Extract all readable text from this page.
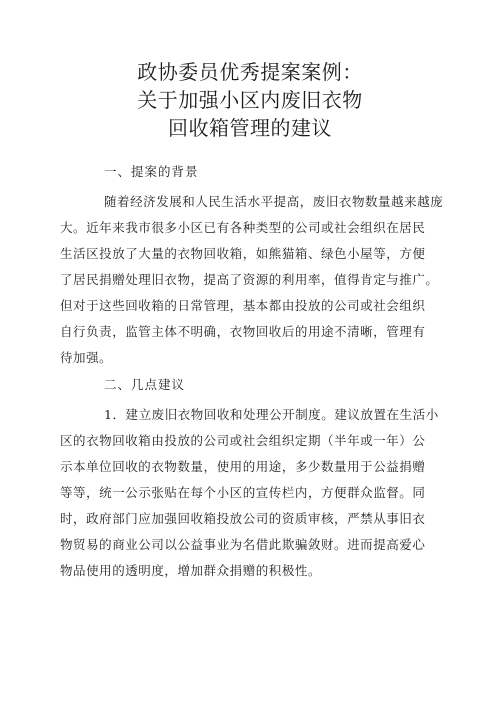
政协委员优秀提案案例：
关于加强小区内废旧衣物
回收箱管理的建议
一、提案的背景
随着经济发展和人民生活水平提高，废旧衣物数量越来越庞
大。近年来我市很多小区已有各种类型的公司或社会组织在居民
生活区投放了大量的衣物回收箱，如熊猫箱、绿色小屋等，方便
了居民捐赠处理旧衣物，提高了资源的利用率，值得肯定与推广。
但对于这些回收箱的日常管理，基本都由投放的公司或社会组织
自行负责，监管主体不明确，衣物回收后的用途不清晰，管理有
待加强。
二、几点建议
1．建立废旧衣物回收和处理公开制度。建议放置在生活小
区的衣物回收箱由投放的公司或社会组织定期（半年或一年）公
示本单位回收的衣物数量，使用的用途，多少数量用于公益捐赠
等等，统一公示张贴在每个小区的宣传栏内，方便群众监督。同
时，政府部门应加强回收箱投放公司的资质审核，严禁从事旧衣
物贸易的商业公司以公益事业为名借此欺骗敛财。进而提高爱心
物品使用的透明度，增加群众捐赠的积极性。
